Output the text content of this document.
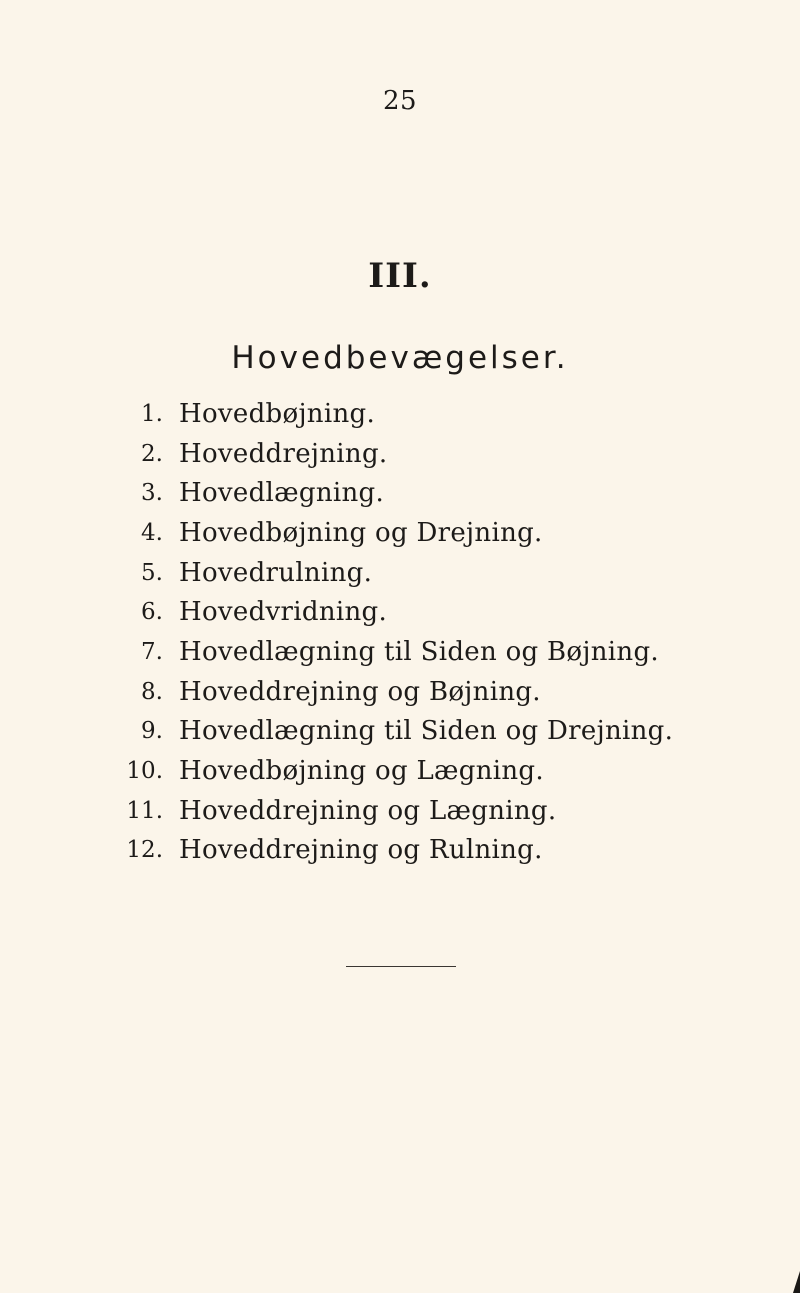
25
III.
Hovedbevægelser.
1. Hovedbøjning.
2. Hoveddrejning.
3. Hovedlægning.
4. Hovedbøjning og Drejning.
5. Hovedrulning.
6. Hovedvridning.
7. Hovedlægning til Siden og Bøjning.
8. Hoveddrejning og Bøjning.
9. Hovedlægning til Siden og Drejning.
10. Hovedbøjning og Lægning.
11. Hoveddrejning og Lægning.
12. Hoveddrejning og Rulning.
